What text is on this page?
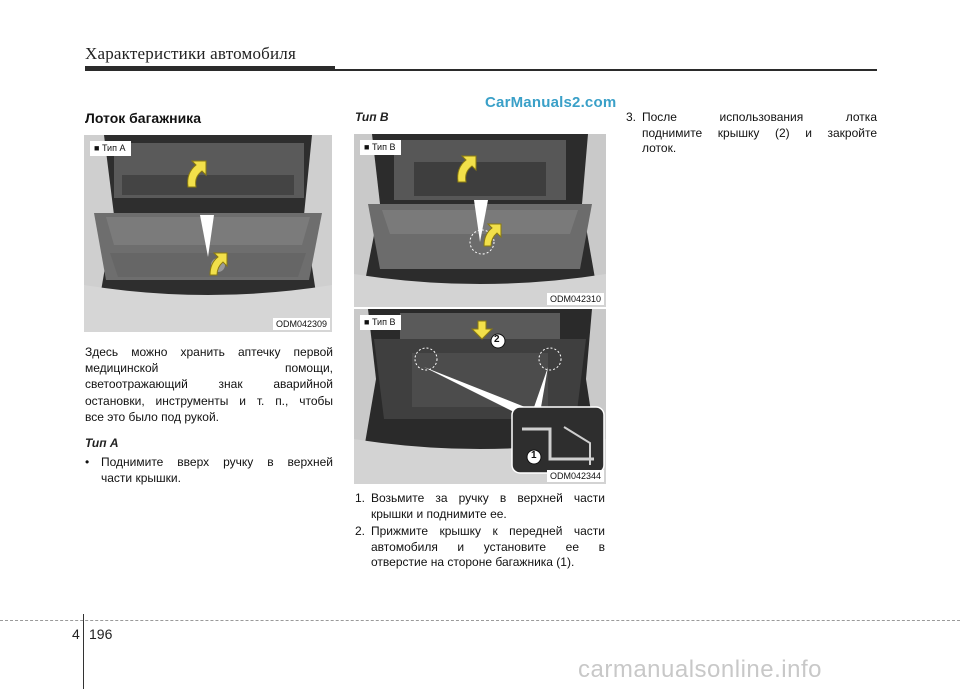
Характеристики автомобиля
CarManuals2.com
Лоток багажника
■ Тип A
ODM042309
Здесь можно хранить аптечку первой
медицинской помощи,
светоотражающий знак аварийной
остановки, инструменты и т. п., чтобы
все это было под рукой.
Тип A
• Поднимите вверх ручку в верхней
части крышки.
Тип B
■ Тип B
ODM042310
2
1
■ Тип B
ODM042344
1. Возьмите за ручку в верхней части
крышки и поднимите ее.
2. Прижмите крышку к передней части
автомобиля и установите ее в
отверстие на стороне багажника (1).
3. После использования лотка
поднимите крышку (2) и закройте
лоток.
4 196
carmanualsonline.info
